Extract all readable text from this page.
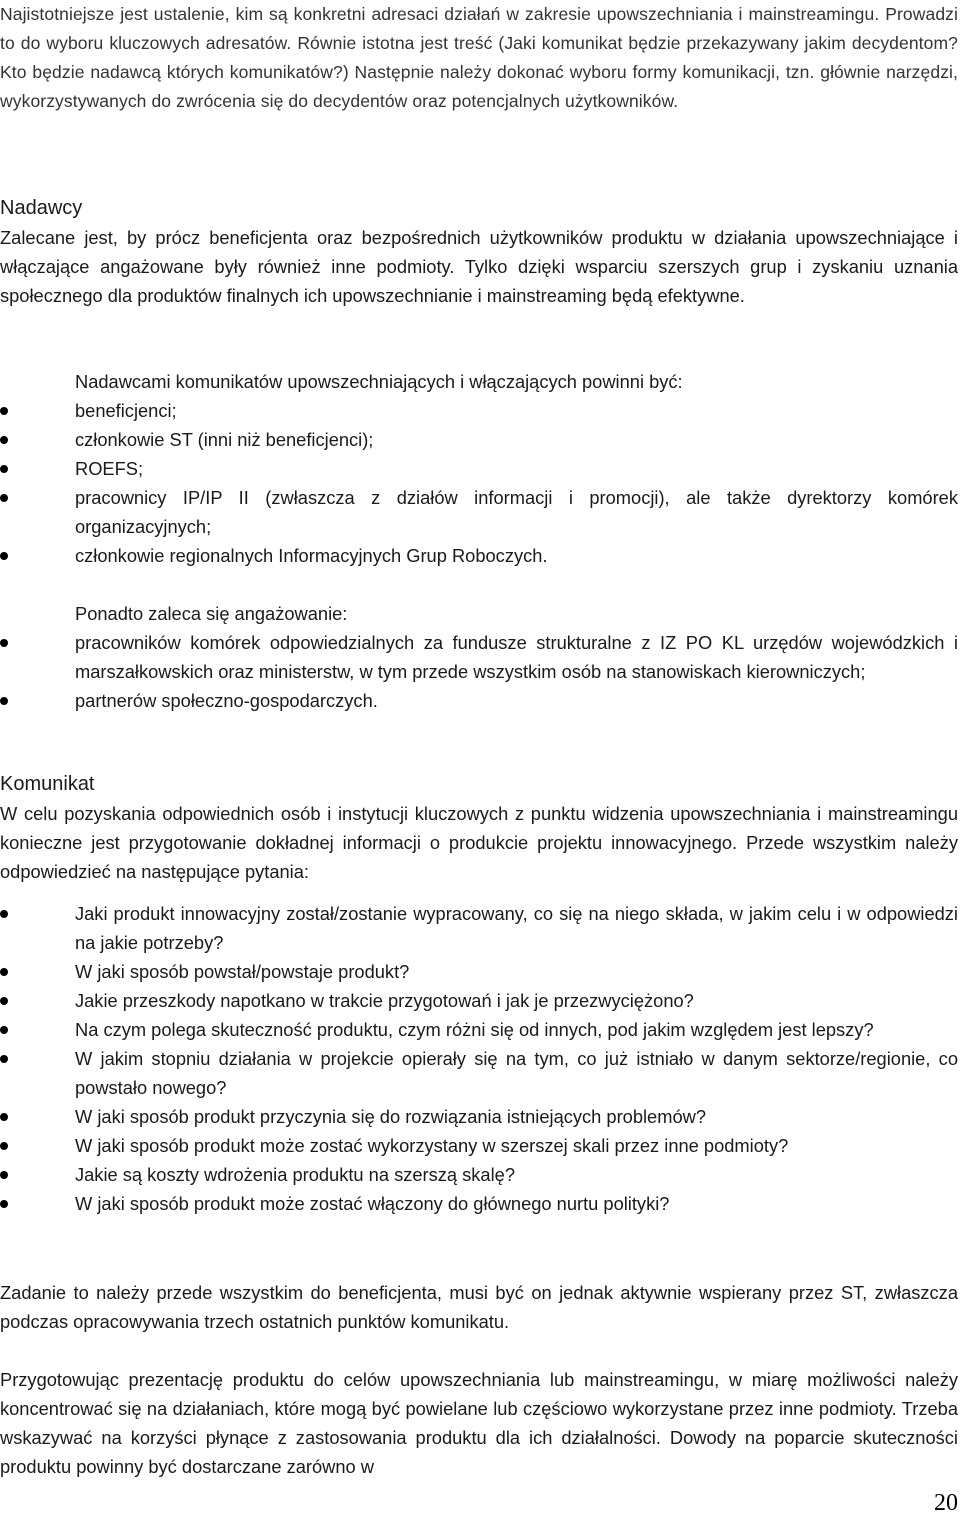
Najistotniejsze jest ustalenie, kim są konkretni adresaci działań w zakresie upowszechniania i mainstreamingu. Prowadzi to do wyboru kluczowych adresatów. Równie istotna jest treść (Jaki komunikat będzie przekazywany jakim decydentom? Kto będzie nadawcą których komunikatów?) Następnie należy dokonać wyboru formy komunikacji, tzn. głównie narzędzi, wykorzystywanych do zwrócenia się do decydentów oraz potencjalnych użytkowników.

Nadawcy

Zalecane jest, by prócz beneficjenta oraz bezpośrednich użytkowników produktu w działania upowszechniające i włączające angażowane były również inne podmioty. Tylko dzięki wsparciu szerszych grup i zyskaniu uznania społecznego dla produktów finalnych ich upowszechnianie i mainstreaming będą efektywne.

Nadawcami komunikatów upowszechniających i włączających powinni być:
beneficjenci;
członkowie ST (inni niż beneficjenci);
ROEFS;
pracownicy IP/IP II (zwłaszcza z działów informacji i promocji), ale także dyrektorzy komórek organizacyjnych;
członkowie regionalnych Informacyjnych Grup Roboczych.
Ponadto zaleca się angażowanie:
pracowników komórek odpowiedzialnych za fundusze strukturalne z IZ PO KL urzędów wojewódzkich i marszałkowskich oraz ministerstw, w tym przede wszystkim osób na stanowiskach kierowniczych;
partnerów społeczno-gospodarczych.
Komunikat

W celu pozyskania odpowiednich osób i instytucji kluczowych z punktu widzenia upowszechniania i mainstreamingu konieczne jest przygotowanie dokładnej informacji o produkcie projektu innowacyjnego. Przede wszystkim należy odpowiedzieć na następujące pytania:

Jaki produkt innowacyjny został/zostanie wypracowany, co się na niego składa, w jakim celu i w odpowiedzi na jakie potrzeby?
W jaki sposób powstał/powstaje produkt?
Jakie przeszkody napotkano w trakcie przygotowań i jak je przezwyciężono?
Na czym polega skuteczność produktu, czym różni się od innych, pod jakim względem jest lepszy?
W jakim stopniu działania w projekcie opierały się na tym, co już istniało w danym sektorze/regionie, co powstało nowego?
W jaki sposób produkt przyczynia się do rozwiązania istniejących problemów?
W jaki sposób produkt może zostać wykorzystany w szerszej skali przez inne podmioty?
Jakie są koszty wdrożenia produktu na szerszą skalę?
W jaki sposób produkt może zostać włączony do głównego nurtu polityki?

Zadanie to należy przede wszystkim do beneficjenta, musi być on jednak aktywnie wspierany przez ST, zwłaszcza podczas opracowywania trzech ostatnich punktów komunikatu.

Przygotowując prezentację produktu do celów upowszechniania lub mainstreamingu, w miarę możliwości należy koncentrować się na działaniach, które mogą być powielane lub częściowo wykorzystane przez inne podmioty. Trzeba wskazywać na korzyści płynące z zastosowania produktu dla ich działalności. Dowody na poparcie skuteczności produktu powinny być dostarczane zarówno w

20
